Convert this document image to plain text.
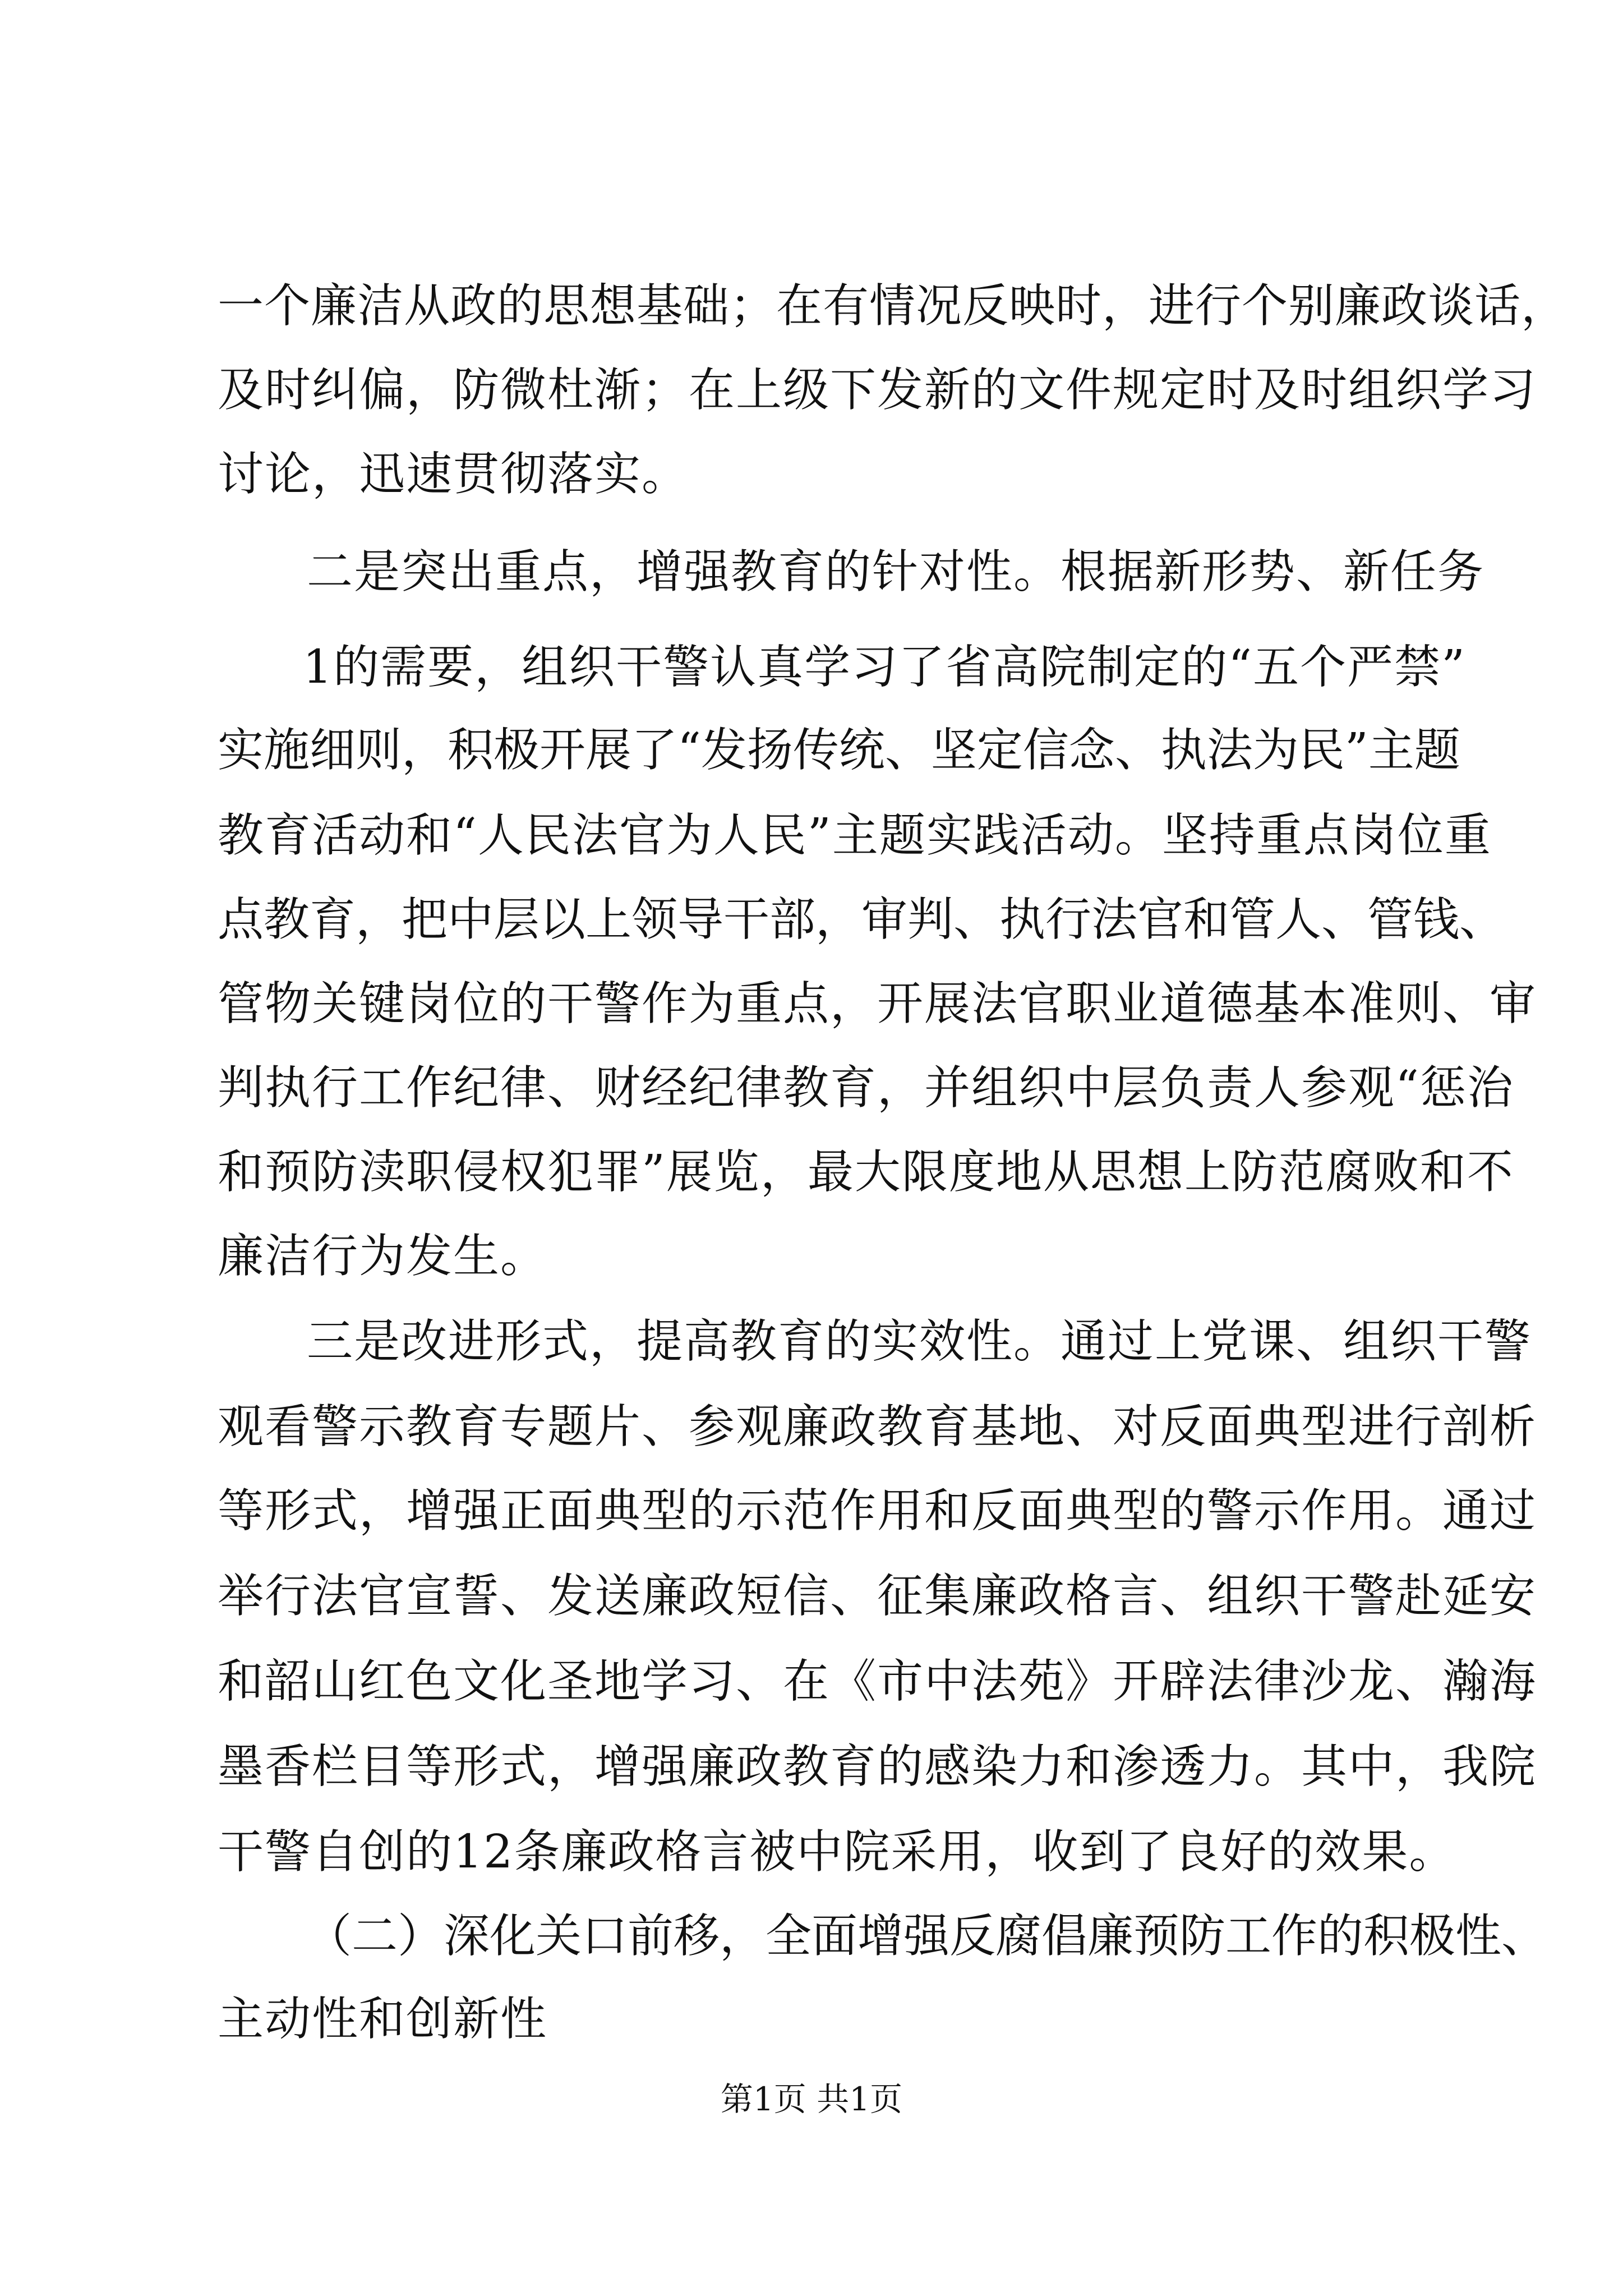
一个廉洁从政的思想基础；在有情况反映时，进行个别廉政谈话，
及时纠偏，防微杜渐；在上级下发新的文件规定时及时组织学习
讨论，迅速贯彻落实。
二是突出重点，增强教育的针对性。根据新形势、新任务
1的需要，组织干警认真学习了省高院制定的“五个严禁”
实施细则，积极开展了“发扬传统、坚定信念、执法为民”主题
教育活动和“人民法官为人民”主题实践活动。坚持重点岗位重
点教育，把中层以上领导干部，审判、执行法官和管人、管钱、
管物关键岗位的干警作为重点，开展法官职业道德基本准则、审
判执行工作纪律、财经纪律教育，并组织中层负责人参观“惩治
和预防渎职侵权犯罪”展览，最大限度地从思想上防范腐败和不
廉洁行为发生。
三是改进形式，提高教育的实效性。通过上党课、组织干警
观看警示教育专题片、参观廉政教育基地、对反面典型进行剖析
等形式，增强正面典型的示范作用和反面典型的警示作用。通过
举行法官宣誓、发送廉政短信、征集廉政格言、组织干警赴延安
和韶山红色文化圣地学习、在《市中法苑》开辟法律沙龙、瀚海
墨香栏目等形式，增强廉政教育的感染力和渗透力。其中，我院
干警自创的12条廉政格言被中院采用，收到了良好的效果。
（二）深化关口前移，全面增强反腐倡廉预防工作的积极性、
主动性和创新性
第1页 共1页
